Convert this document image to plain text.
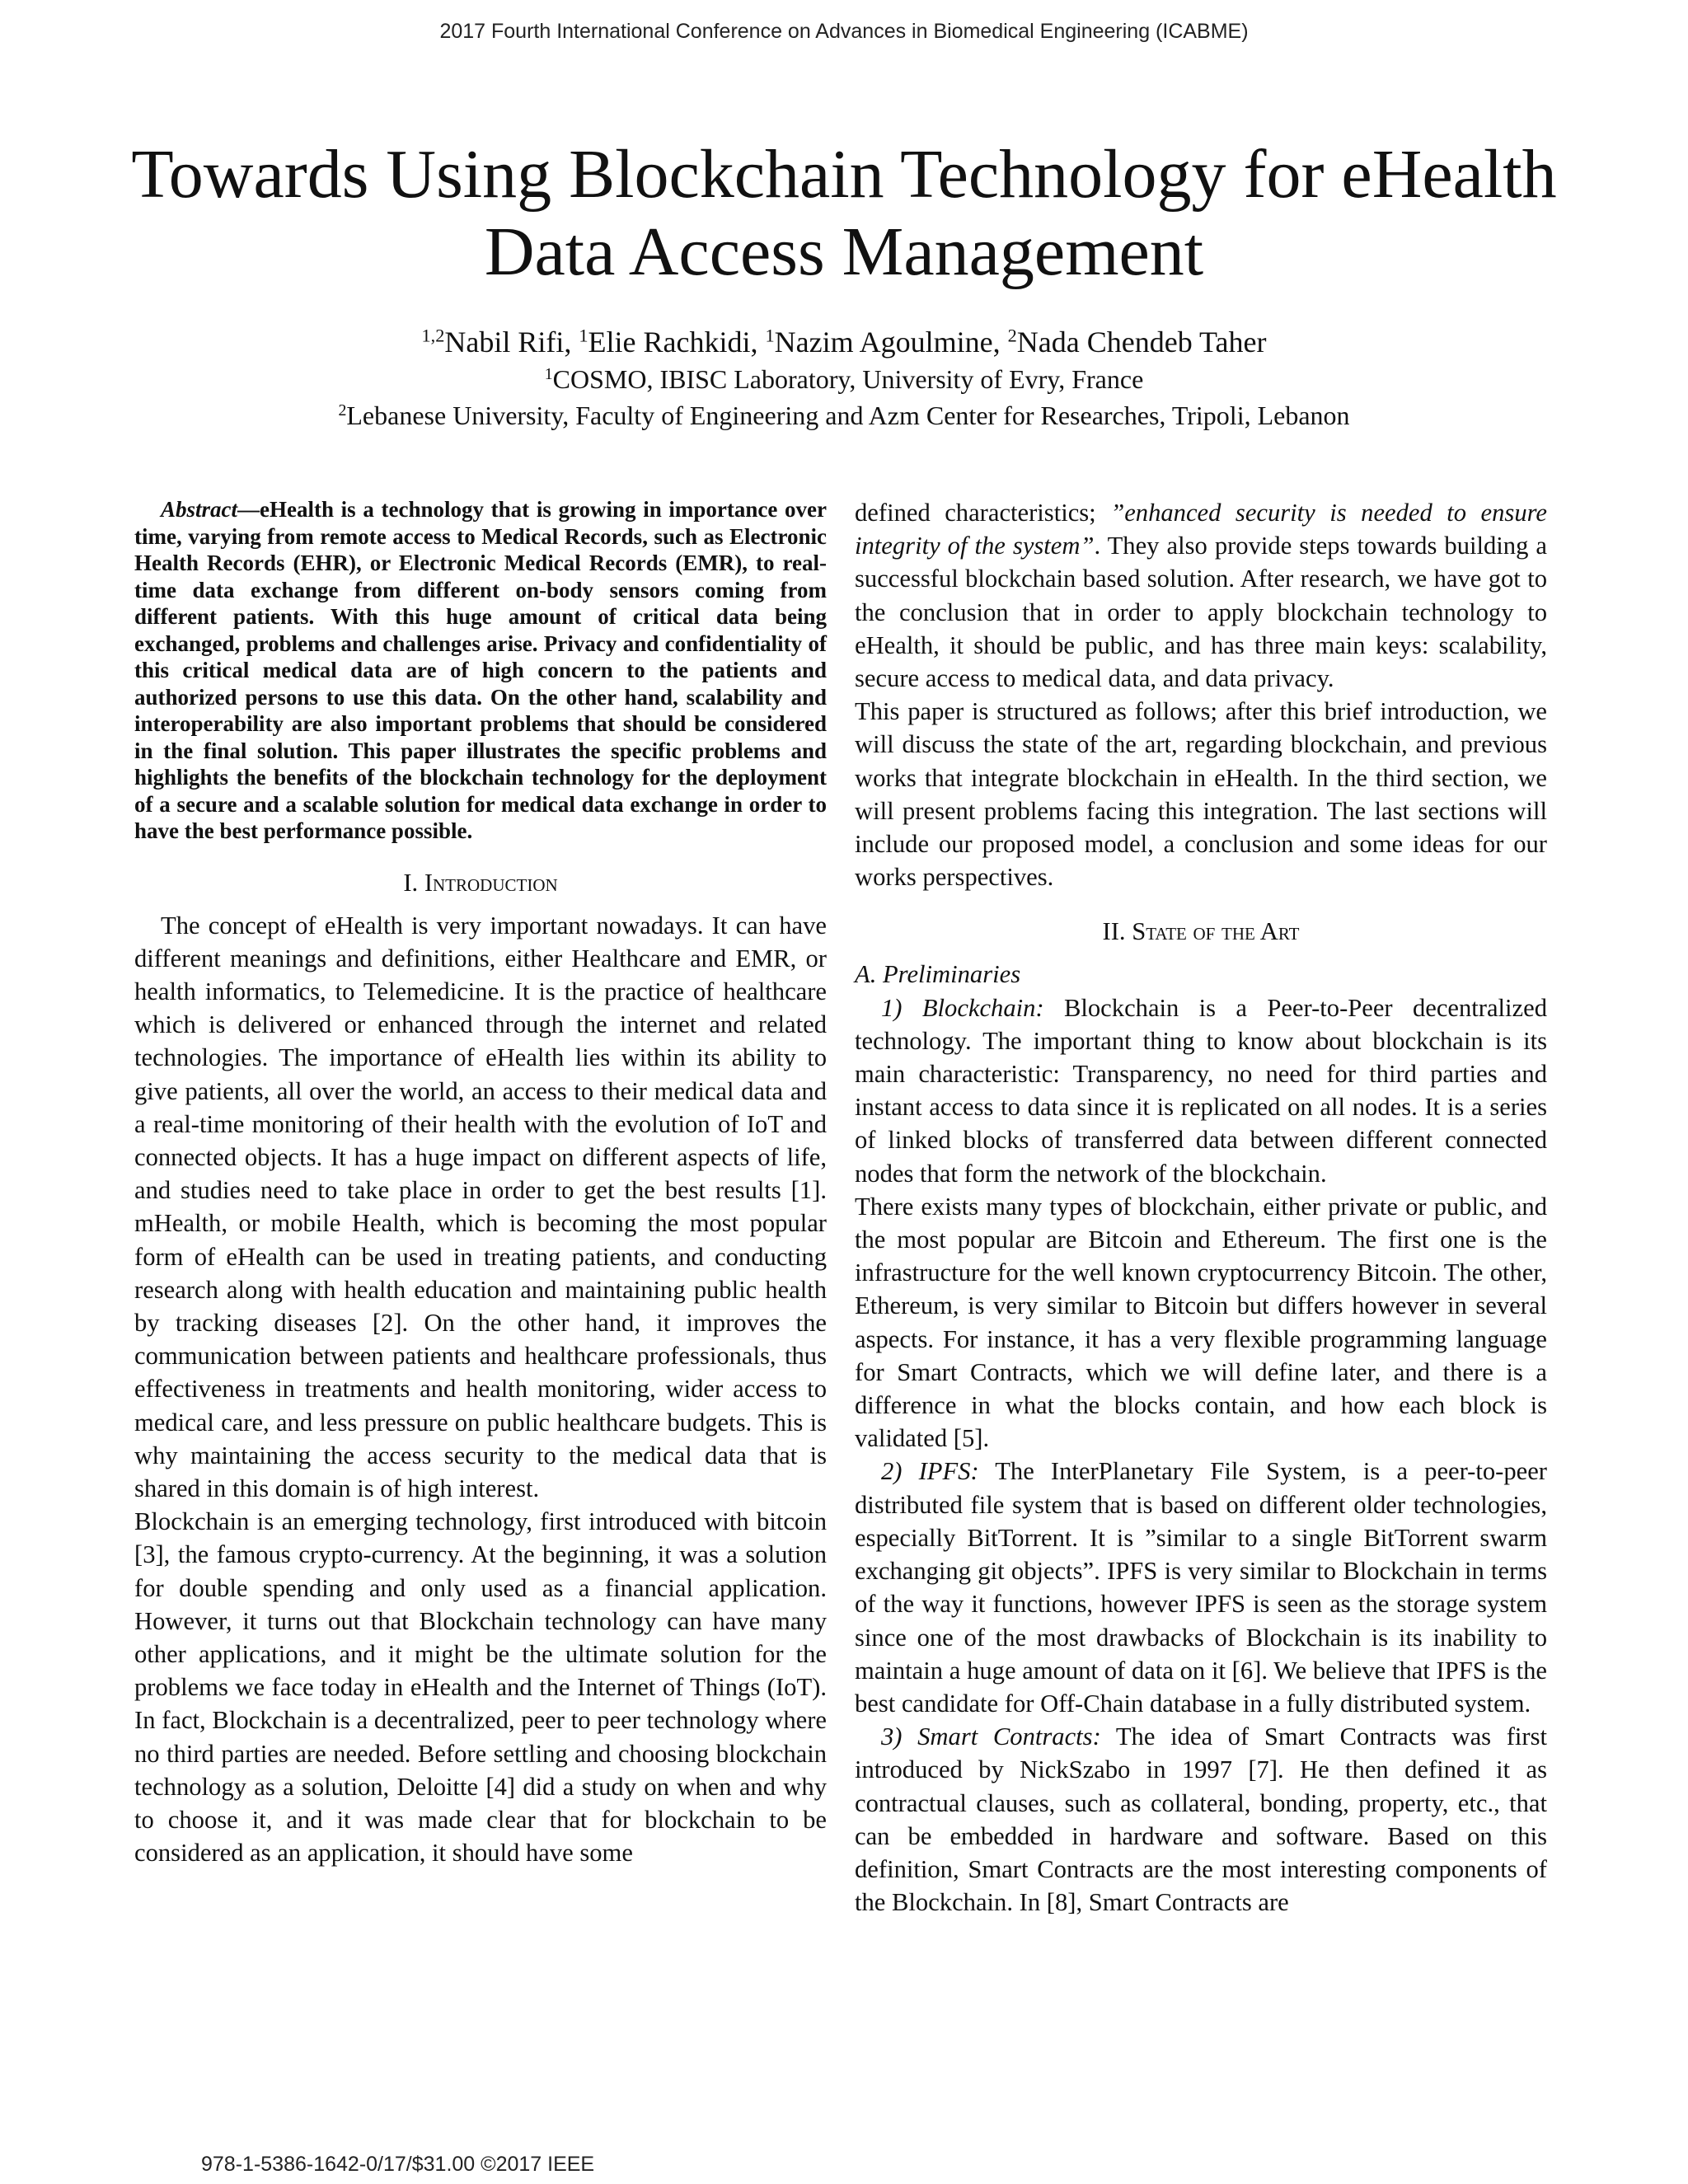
2017 Fourth International Conference on Advances in Biomedical Engineering (ICABME)
Towards Using Blockchain Technology for eHealth Data Access Management
$^{1,2}$Nabil Rifi, $^1$Elie Rachkidi, $^1$Nazim Agoulmine, $^2$Nada Chendeb Taher
$^1$COSMO, IBISC Laboratory, University of Evry, France
$^2$Lebanese University, Faculty of Engineering and Azm Center for Researches, Tripoli, Lebanon

Abstract—eHealth is a technology that is growing in importance over time, varying from remote access to Medical Records, such as Electronic Health Records (EHR), or Electronic Medical Records (EMR), to real-time data exchange from different on-body sensors coming from different patients. With this huge amount of critical data being exchanged, problems and challenges arise. Privacy and confidentiality of this critical medical data are of high concern to the patients and authorized persons to use this data. On the other hand, scalability and interoperability are also important problems that should be considered in the final solution. This paper illustrates the specific problems and highlights the benefits of the blockchain technology for the deployment of a secure and a scalable solution for medical data exchange in order to have the best performance possible.

I. Introduction

The concept of eHealth is very important nowadays. It can have different meanings and definitions, either Healthcare and EMR, or health informatics, to Telemedicine. It is the practice of healthcare which is delivered or enhanced through the internet and related technologies. The importance of eHealth lies within its ability to give patients, all over the world, an access to their medical data and a real-time monitoring of their health with the evolution of IoT and connected objects. It has a huge impact on different aspects of life, and studies need to take place in order to get the best results [1]. mHealth, or mobile Health, which is becoming the most popular form of eHealth can be used in treating patients, and conducting research along with health education and maintaining public health by tracking diseases [2]. On the other hand, it improves the communication between patients and healthcare professionals, thus effectiveness in treatments and health monitoring, wider access to medical care, and less pressure on public healthcare budgets. This is why maintaining the access security to the medical data that is shared in this domain is of high interest.

Blockchain is an emerging technology, first introduced with bitcoin [3], the famous crypto-currency. At the beginning, it was a solution for double spending and only used as a financial application. However, it turns out that Blockchain technology can have many other applications, and it might be the ultimate solution for the problems we face today in eHealth and the Internet of Things (IoT). In fact, Blockchain is a decentralized, peer to peer technology where no third parties are needed. Before settling and choosing blockchain technology as a solution, Deloitte [4] did a study on when and why to choose it, and it was made clear that for blockchain to be considered as an application, it should have some

defined characteristics; ”enhanced security is needed to ensure integrity of the system”. They also provide steps towards building a successful blockchain based solution. After research, we have got to the conclusion that in order to apply blockchain technology to eHealth, it should be public, and has three main keys: scalability, secure access to medical data, and data privacy.

This paper is structured as follows; after this brief introduction, we will discuss the state of the art, regarding blockchain, and previous works that integrate blockchain in eHealth. In the third section, we will present problems facing this integration. The last sections will include our proposed model, a conclusion and some ideas for our works perspectives.

II. State of the Art

A. Preliminaries

1) Blockchain: Blockchain is a Peer-to-Peer decentralized technology. The important thing to know about blockchain is its main characteristic: Transparency, no need for third parties and instant access to data since it is replicated on all nodes. It is a series of linked blocks of transferred data between different connected nodes that form the network of the blockchain.

There exists many types of blockchain, either private or public, and the most popular are Bitcoin and Ethereum. The first one is the infrastructure for the well known cryptocurrency Bitcoin. The other, Ethereum, is very similar to Bitcoin but differs however in several aspects. For instance, it has a very flexible programming language for Smart Contracts, which we will define later, and there is a difference in what the blocks contain, and how each block is validated [5].

2) IPFS: The InterPlanetary File System, is a peer-to-peer distributed file system that is based on different older technologies, especially BitTorrent. It is ”similar to a single BitTorrent swarm exchanging git objects”. IPFS is very similar to Blockchain in terms of the way it functions, however IPFS is seen as the storage system since one of the most drawbacks of Blockchain is its inability to maintain a huge amount of data on it [6]. We believe that IPFS is the best candidate for Off-Chain database in a fully distributed system.

3) Smart Contracts: The idea of Smart Contracts was first introduced by NickSzabo in 1997 [7]. He then defined it as contractual clauses, such as collateral, bonding, property, etc., that can be embedded in hardware and software. Based on this definition, Smart Contracts are the most interesting components of the Blockchain. In [8], Smart Contracts are

978-1-5386-1642-0/17/$31.00 ©2017 IEEE
